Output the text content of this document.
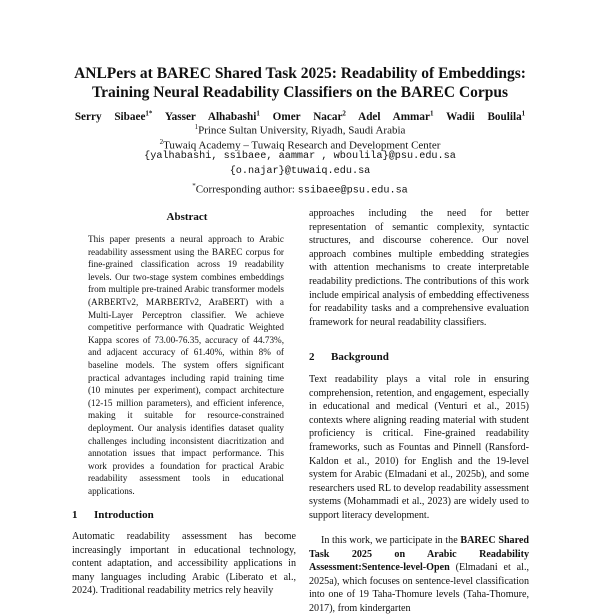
ANLPers at BAREC Shared Task 2025: Readability of Embeddings:
Training Neural Readability Classifiers on the BAREC Corpus
Serry Sibaee$^{1*}$ Yasser Alhabashi$^1$ Omer Nacar$^2$ Adel Ammar$^1$ Wadii Boulila$^1$
$^1$Prince Sultan University, Riyadh, Saudi Arabia
$^2$Tuwaiq Academy – Tuwaiq Research and Development Center
{yalhabashi, ssibaee, aammar , wboulila}@psu.edu.sa
{o.najar}@tuwaiq.edu.sa
*Corresponding author: ssibaee@psu.edu.sa
Abstract
This paper presents a neural approach to Arabic readability assessment using the BAREC corpus for fine-grained classification across 19 readability levels. Our two-stage system combines embeddings from multiple pre-trained Arabic transformer models (ARBERTv2, MARBERTv2, AraBERT) with a Multi-Layer Perceptron classifier. We achieve competitive performance with Quadratic Weighted Kappa scores of 73.00-76.35, accuracy of 44.73%, and adjacent accuracy of 61.40%, within 8% of baseline models. The system offers significant practical advantages including rapid training time (10 minutes per experiment), compact architecture (12-15 million parameters), and efficient inference, making it suitable for resource-constrained deployment. Our analysis identifies dataset quality challenges including inconsistent diacritization and annotation issues that impact performance. This work provides a foundation for practical Arabic readability assessment tools in educational applications.
1 Introduction
Automatic readability assessment has become increasingly important in educational technology, content adaptation, and accessibility applications in many languages including Arabic (Liberato et al., 2024). Traditional readability metrics rely heavily
approaches including the need for better representation of semantic complexity, syntactic structures, and discourse coherence. Our novel approach combines multiple embedding strategies with attention mechanisms to create interpretable readability predictions. The contributions of this work include empirical analysis of embedding effectiveness for readability tasks and a comprehensive evaluation framework for neural readability classifiers.
2 Background
Text readability plays a vital role in ensuring comprehension, retention, and engagement, especially in educational and medical (Venturi et al., 2015) contexts where aligning reading material with student proficiency is critical. Fine-grained readability frameworks, such as Fountas and Pinnell (Ransford-Kaldon et al., 2010) for English and the 19-level system for Arabic (Elmadani et al., 2025b), and some researchers used RL to develop readability assessment systems (Mohammadi et al., 2023) are widely used to support literacy development.
In this work, we participate in the BAREC Shared Task 2025 on Arabic Readability Assessment:Sentence-level-Open (Elmadani et al., 2025a), which focuses on sentence-level classification into one of 19 Taha-Thomure levels (Taha-Thomure, 2017), from kindergarten
